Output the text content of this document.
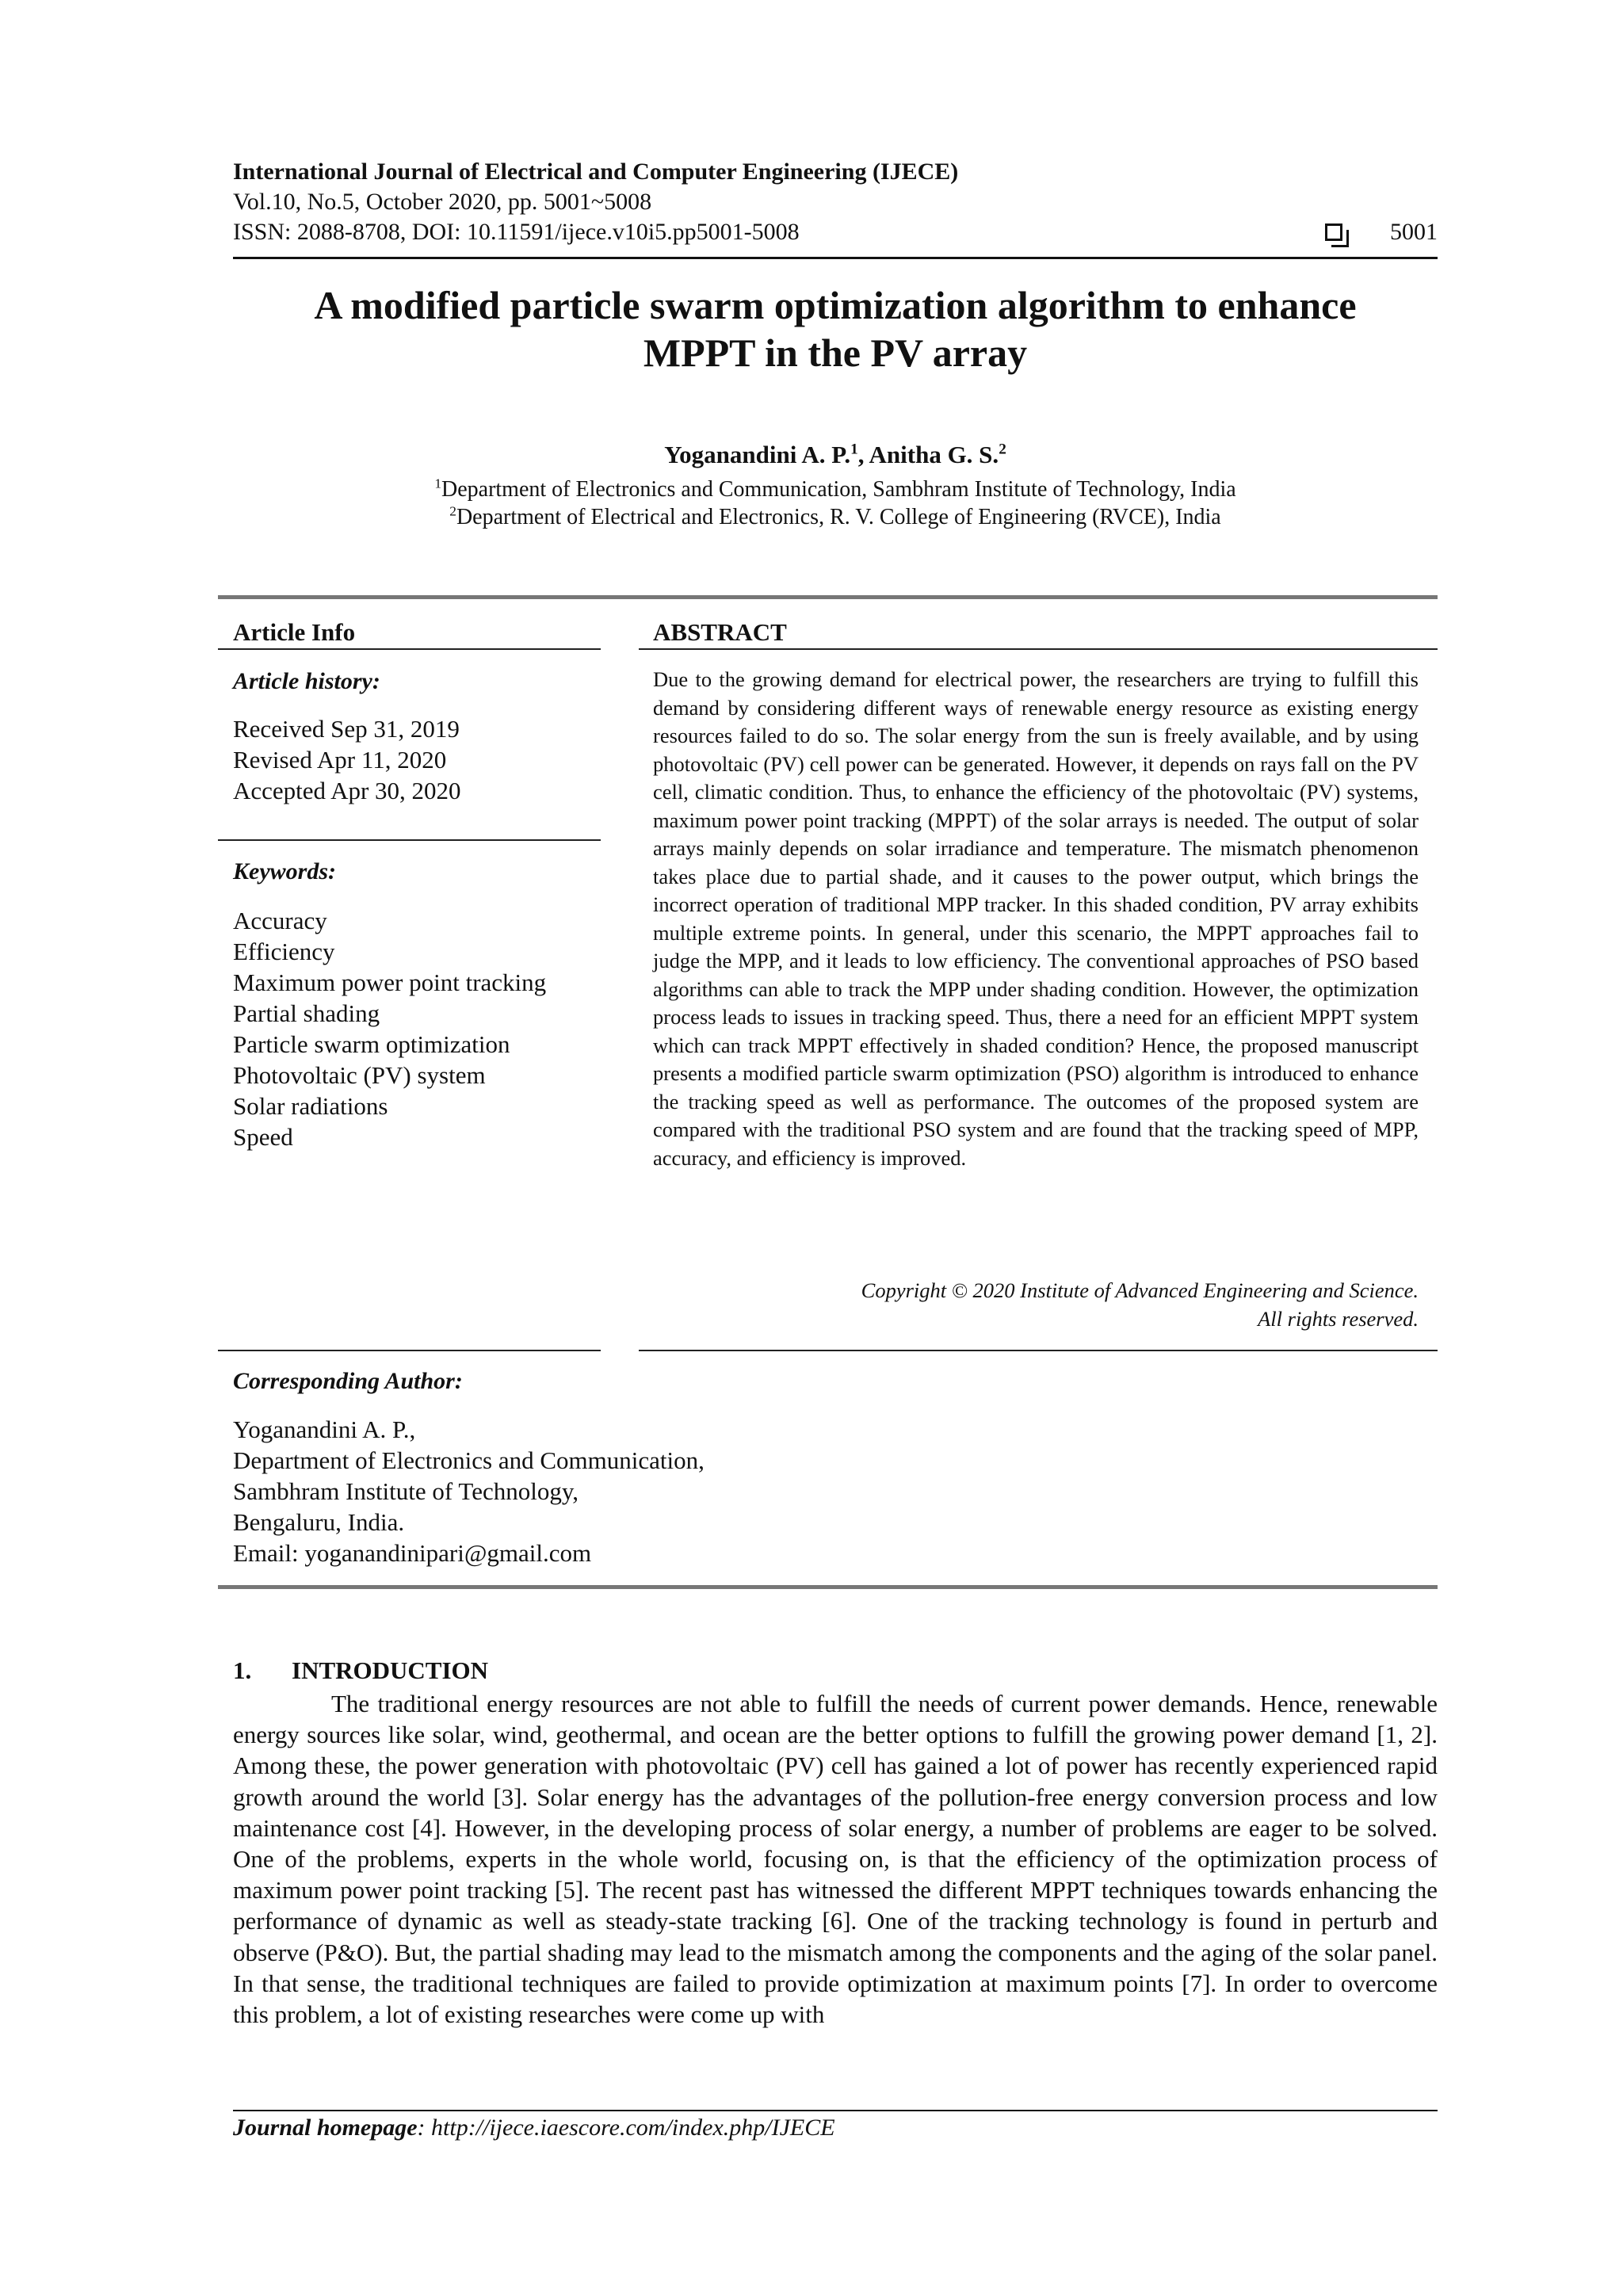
International Journal of Electrical and Computer Engineering (IJECE)
Vol.10, No.5, October 2020, pp. 5001~5008
ISSN: 2088-8708, DOI: 10.11591/ijece.v10i5.pp5001-5008	5001
A modified particle swarm optimization algorithm to enhance
MPPT in the PV array
Yoganandini A. P.$^1$, Anitha G. S.$^2$
$^1$Department of Electronics and Communication, Sambhram Institute of Technology, India
$^2$Department of Electrical and Electronics, R. V. College of Engineering (RVCE), India
Article Info	ABSTRACT
Article history:
Received Sep 31, 2019
Revised Apr 11, 2020
Accepted Apr 30, 2020
Keywords:
Accuracy
Efficiency
Maximum power point tracking
Partial shading
Particle swarm optimization
Photovoltaic (PV) system
Solar radiations
Speed
Due to the growing demand for electrical power, the researchers are trying to fulfill this demand by considering different ways of renewable energy resource as existing energy resources failed to do so. The solar energy from the sun is freely available, and by using photovoltaic (PV) cell power can be generated. However, it depends on rays fall on the PV cell, climatic condition. Thus, to enhance the efficiency of the photovoltaic (PV) systems, maximum power point tracking (MPPT) of the solar arrays is needed. The output of solar arrays mainly depends on solar irradiance and temperature. The mismatch phenomenon takes place due to partial shade, and it causes to the power output, which brings the incorrect operation of traditional MPP tracker. In this shaded condition, PV array exhibits multiple extreme points. In general, under this scenario, the MPPT approaches fail to judge the MPP, and it leads to low efficiency. The conventional approaches of PSO based algorithms can able to track the MPP under shading condition. However, the optimization process leads to issues in tracking speed. Thus, there a need for an efficient MPPT system which can track MPPT effectively in shaded condition? Hence, the proposed manuscript presents a modified particle swarm optimization (PSO) algorithm is introduced to enhance the tracking speed as well as performance. The outcomes of the proposed system are compared with the traditional PSO system and are found that the tracking speed of MPP, accuracy, and efficiency is improved.
Copyright © 2020 Institute of Advanced Engineering and Science.
All rights reserved.
Corresponding Author:
Yoganandini A. P.,
Department of Electronics and Communication,
Sambhram Institute of Technology,
Bengaluru, India.
Email: yoganandinipari@gmail.com
1. INTRODUCTION
The traditional energy resources are not able to fulfill the needs of current power demands. Hence, renewable energy sources like solar, wind, geothermal, and ocean are the better options to fulfill the growing power demand [1, 2]. Among these, the power generation with photovoltaic (PV) cell has gained a lot of power has recently experienced rapid growth around the world [3]. Solar energy has the advantages of the pollution-free energy conversion process and low maintenance cost [4]. However, in the developing process of solar energy, a number of problems are eager to be solved. One of the problems, experts in the whole world, focusing on, is that the efficiency of the optimization process of maximum power point tracking [5]. The recent past has witnessed the different MPPT techniques towards enhancing the performance of dynamic as well as steady-state tracking [6]. One of the tracking technology is found in perturb and observe (P&O). But, the partial shading may lead to the mismatch among the components and the aging of the solar panel. In that sense, the traditional techniques are failed to provide optimization at maximum points [7]. In order to overcome this problem, a lot of existing researches were come up with
Journal homepage: http://ijece.iaescore.com/index.php/IJECE
